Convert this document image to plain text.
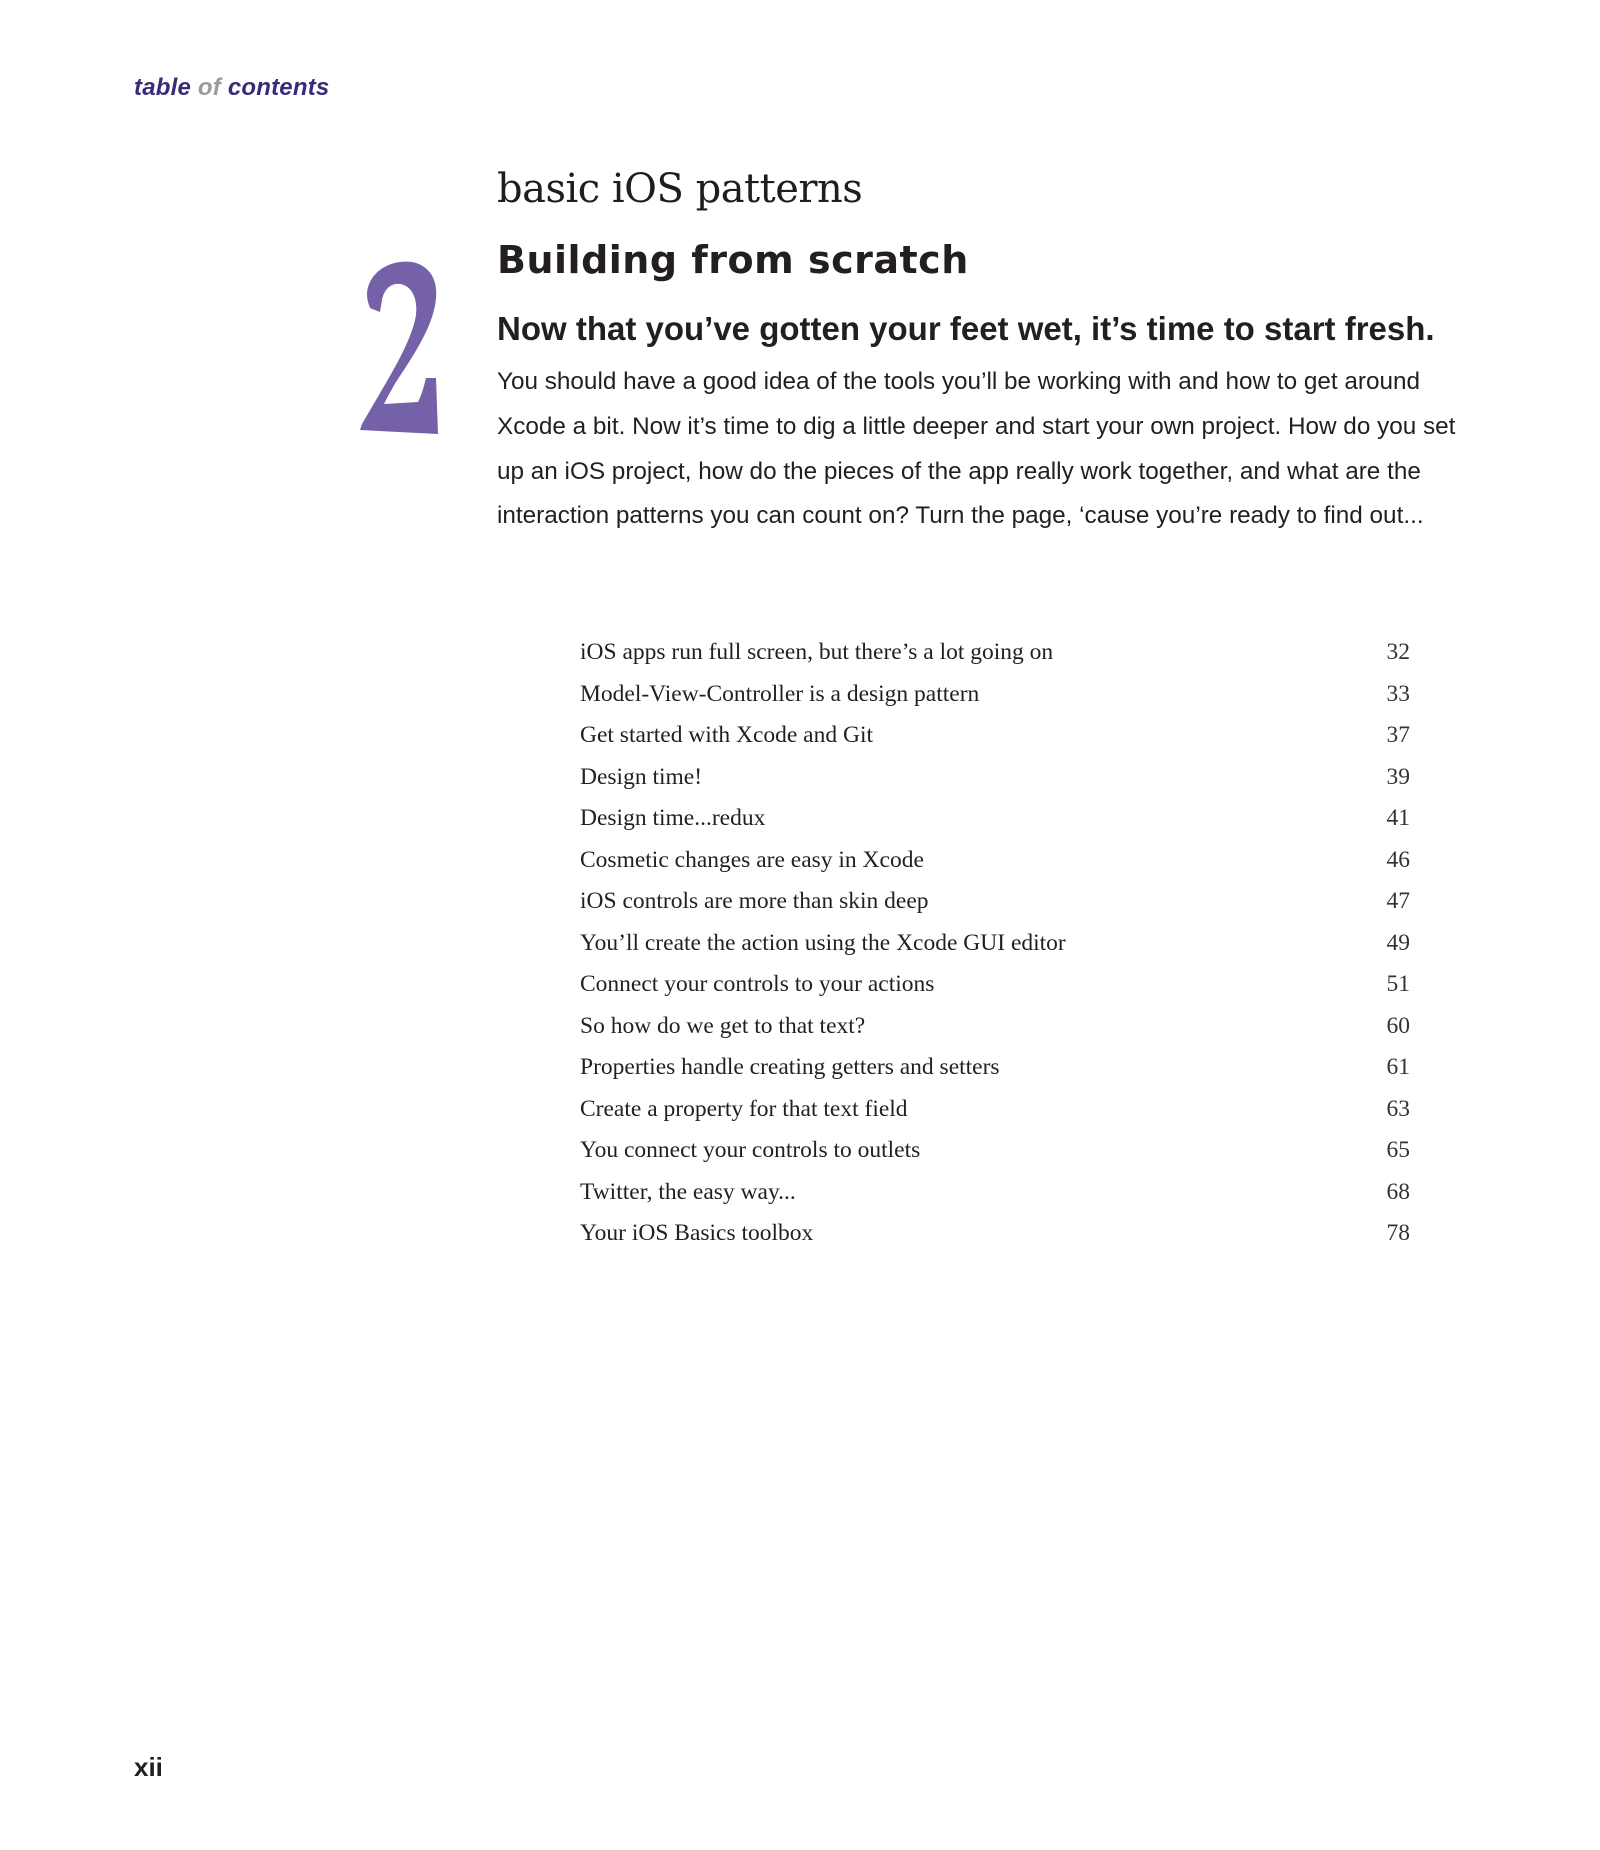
table of contents
basic iOS patterns
Building from scratch
Now that you’ve gotten your feet wet, it’s time to start fresh.
You should have a good idea of the tools you’ll be working with and how to get around Xcode a bit. Now it’s time to dig a little deeper and start your own project. How do you set up an iOS project, how do the pieces of the app really work together, and what are the interaction patterns you can count on? Turn the page, ‘cause you’re ready to find out...
iOS apps run full screen, but there’s a lot going on	32
Model-View-Controller is a design pattern	33
Get started with Xcode and Git	37
Design time!	39
Design time...redux	41
Cosmetic changes are easy in Xcode	46
iOS controls are more than skin deep	47
You’ll create the action using the Xcode GUI editor	49
Connect your controls to your actions	51
So how do we get to that text?	60
Properties handle creating getters and setters	61
Create a property for that text field	63
You connect your controls to outlets	65
Twitter, the easy way...	68
Your iOS Basics toolbox	78
xii
